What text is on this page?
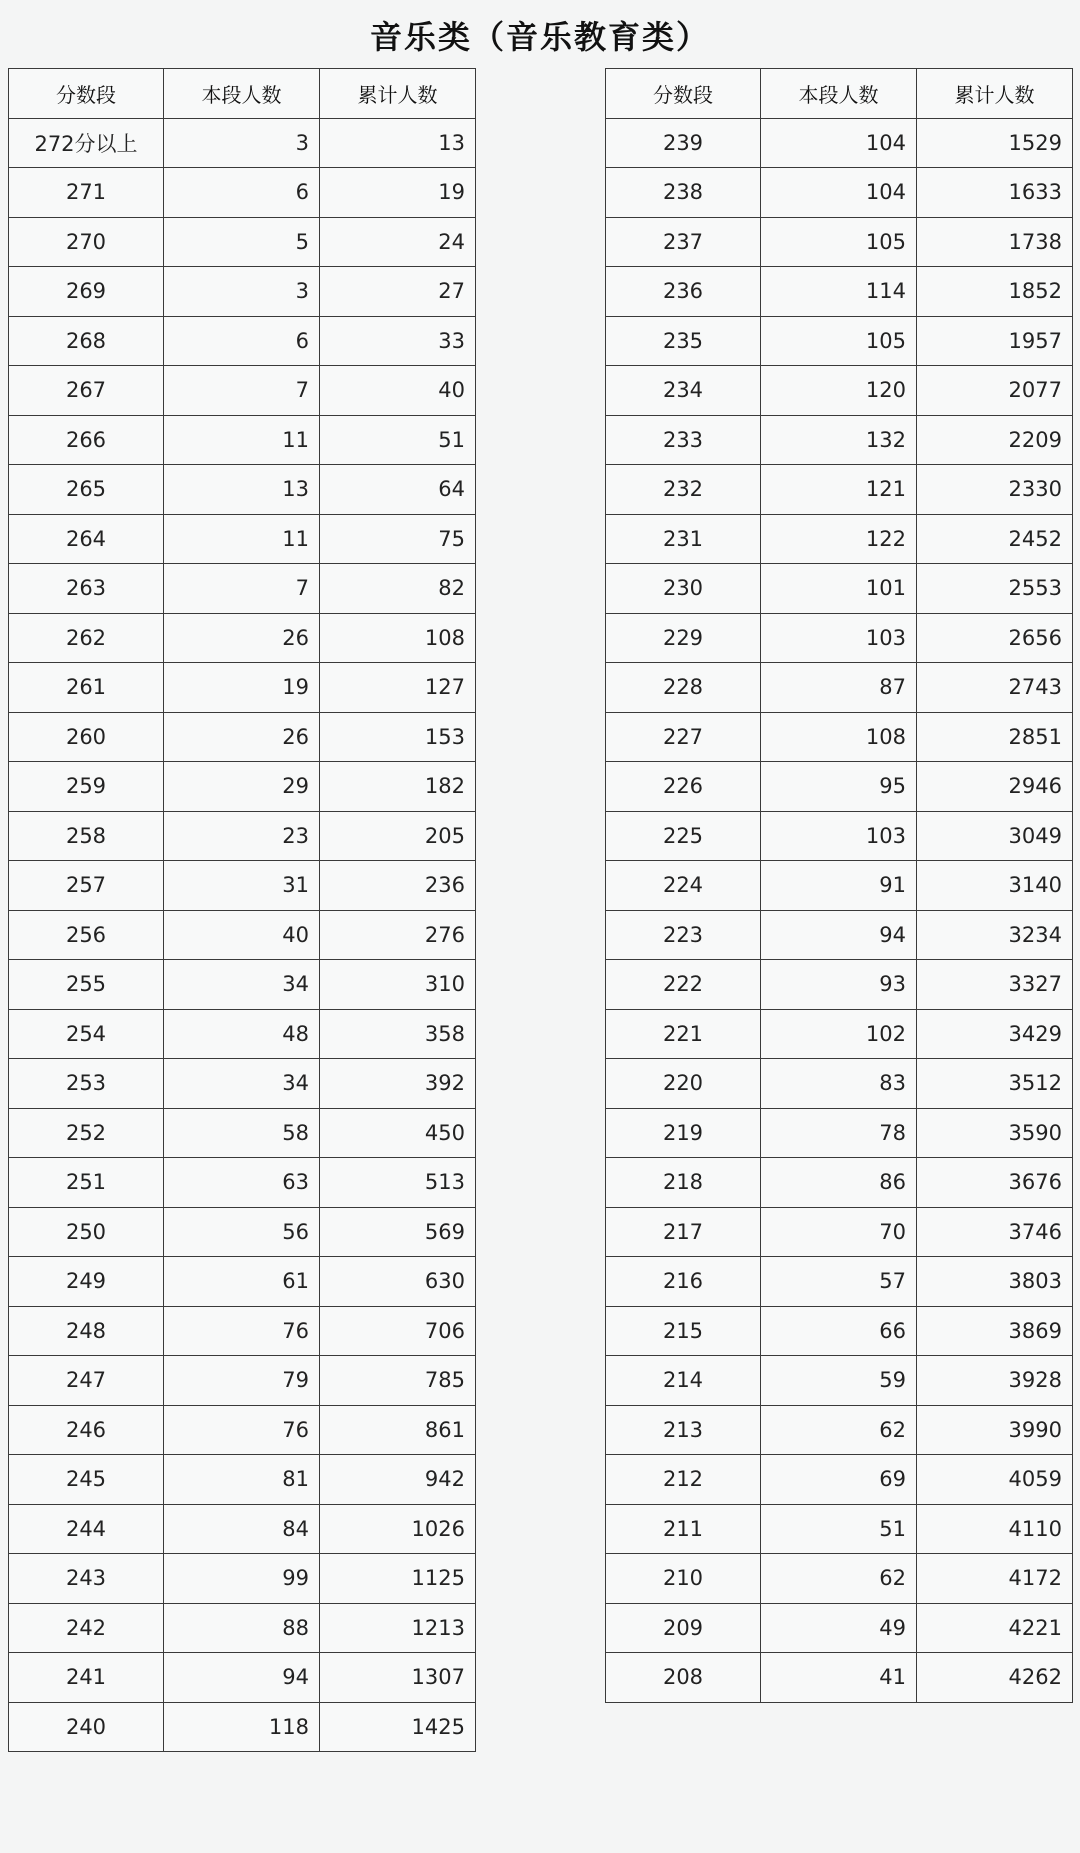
音乐类（音乐教育类）
分数段	本段人数	累计人数
272分以上	3	13
271	6	19
270	5	24
269	3	27
268	6	33
267	7	40
266	11	51
265	13	64
264	11	75
263	7	82
262	26	108
261	19	127
260	26	153
259	29	182
258	23	205
257	31	236
256	40	276
255	34	310
254	48	358
253	34	392
252	58	450
251	63	513
250	56	569
249	61	630
248	76	706
247	79	785
246	76	861
245	81	942
244	84	1026
243	99	1125
242	88	1213
241	94	1307
240	118	1425
分数段	本段人数	累计人数
239	104	1529
238	104	1633
237	105	1738
236	114	1852
235	105	1957
234	120	2077
233	132	2209
232	121	2330
231	122	2452
230	101	2553
229	103	2656
228	87	2743
227	108	2851
226	95	2946
225	103	3049
224	91	3140
223	94	3234
222	93	3327
221	102	3429
220	83	3512
219	78	3590
218	86	3676
217	70	3746
216	57	3803
215	66	3869
214	59	3928
213	62	3990
212	69	4059
211	51	4110
210	62	4172
209	49	4221
208	41	4262
